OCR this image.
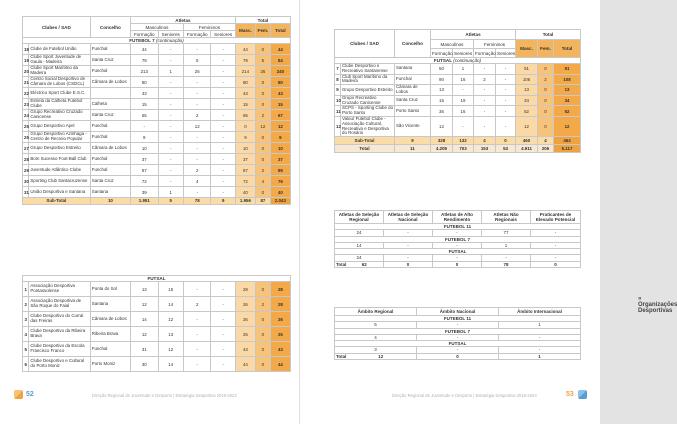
Clubes / SAD		Concelho	Atletas				Total		
			Masculinos		Femininos		Masc.	Fem.	Total
			Formação	Seniores	Formação	Seniores			
FUTEBOL 7 (continuação)									
18	Clube de Futebol União	Funchal	44	-	-	-	44	0	44
19	Clube Sport Juventude de Gaula - Madeira	Santa Cruz	79	-	5	-	79	5	84
20	Clube Sport Marítimo da Madeira	Funchal	213	1	26	-	214	26	240
21	Centro Social Desportivo de Câmara de Lobos (CSDCL)	Câmara de Lobos	80	-	-	-	80	0	80
22	Eléctrico Sport Clube E.S.C.		43	-	-	-	43	0	43
23	Estrela da Calheta Futebol Clube	Calheta	15	-	-	-	15	0	15
24	Grupo Recreativo Cruzado Canicense	Santa Cruz	65	-	2	-	65	2	67
25	Grupo Desportivo Apel	Funchal	-	-	12	-	0	12	12
26	Grupo Desportivo Azinhaga - Centro de Recreio Popular	Funchal	9	-	-	-	9	0	9
27	Grupo Desportivo Estreito	Câmara de Lobos	10	-	-	-	10	0	10
28	Bom Sucesso Foot-Ball Club	Funchal	37	-	-	-	37	0	37
29	Juventude Atlântico Clube	Funchal	87	-	2	-	87	2	89
30	Sporting Club Santacruzense	Santa Cruz	72	-	4	-	72	4	76
31	União Desportiva e Santana	Santana	39	1	-	-	40	0	40
Sub-Total		10	1.951	5	78	9	1.956	87	2.043
FUTSAL									
1	Associação Desportiva Pontassolense	Ponta do Sol	13	15	-	-	28	0	28
2	Associação Desportiva de São Roque do Faial	Santana	12	14	2	-	26	2	28
3	Clube Desportivo do Curral das Freiras	Câmara de Lobos	14	12	-	-	26	0	26
4	Clube Desportivo da Ribeira Brava	Ribeira Brava	12	13	-	-	25	0	25
5	Clube Desportivo da Escola Francisco Franco	Funchal	31	12	-	-	43	0	43
6	Clube Desportivo e Cultural do Porto Moniz	Porto Moniz	30	14	-	-	44	0	44
52	Direção Regional de Juventude e Desporto | Estratégia Desportiva 2019-2023
Clubes / SAD		Concelho	Atletas				Total		
			Masculinos		Femininos		Masc.	Fem.	Total
			Formação	Seniores	Formação	Seniores			
FUTSAL (continuação)									
7	Clube Desportivo e Recreativo Santanense	Santana	50	1	-	-	51	0	51
8	Club Sport Marítimo da Madeira	Funchal	90	16	2	-	106	2	108
9	Grupo Desportivo Estreito	Câmara de Lobos	13	-	-	-	13	0	13
10	Grupo Recreativo Cruzado Canicense	Santa Cruz	15	19	-	-	34	0	34
11	SCPS - Sporting Clube do Porto Santo	Porto Santo	36	16	-	-	52	0	52
12	Valour Futebol Clube - Associação Cultural, Recreativa e Desportiva do Rosário	São Vicente	12	-	-	-	12	0	12
Sub-Total		9	328	132	4	0	460	4	464
Total		11	4.209	703	153	53	4.911	206	5.117
Atletas de Seleção Regional	Atletas de Seleção Nacional	Atletas de Alto Rendimento	Atletas Não Regionais	Praticantes de Elevado Potencial
FUTEBOL 11				
24	-	-	77	-
FUTEBOL 7				
14	-	-	1	-
FUTSAL				
24	-	-	-	-

Total 62	0	0	78	0
» Organizações Desportivas
Âmbito Regional	Âmbito Nacional	Âmbito Internacional
FUTEBOL 11		
5	-	1
FUTEBOL 7		
4	-	-
FUTSAL		
3	-	-

Total 12	0	1
Direção Regional de Juventude e Desporto | Estratégia Desportiva 2019-2023	53
